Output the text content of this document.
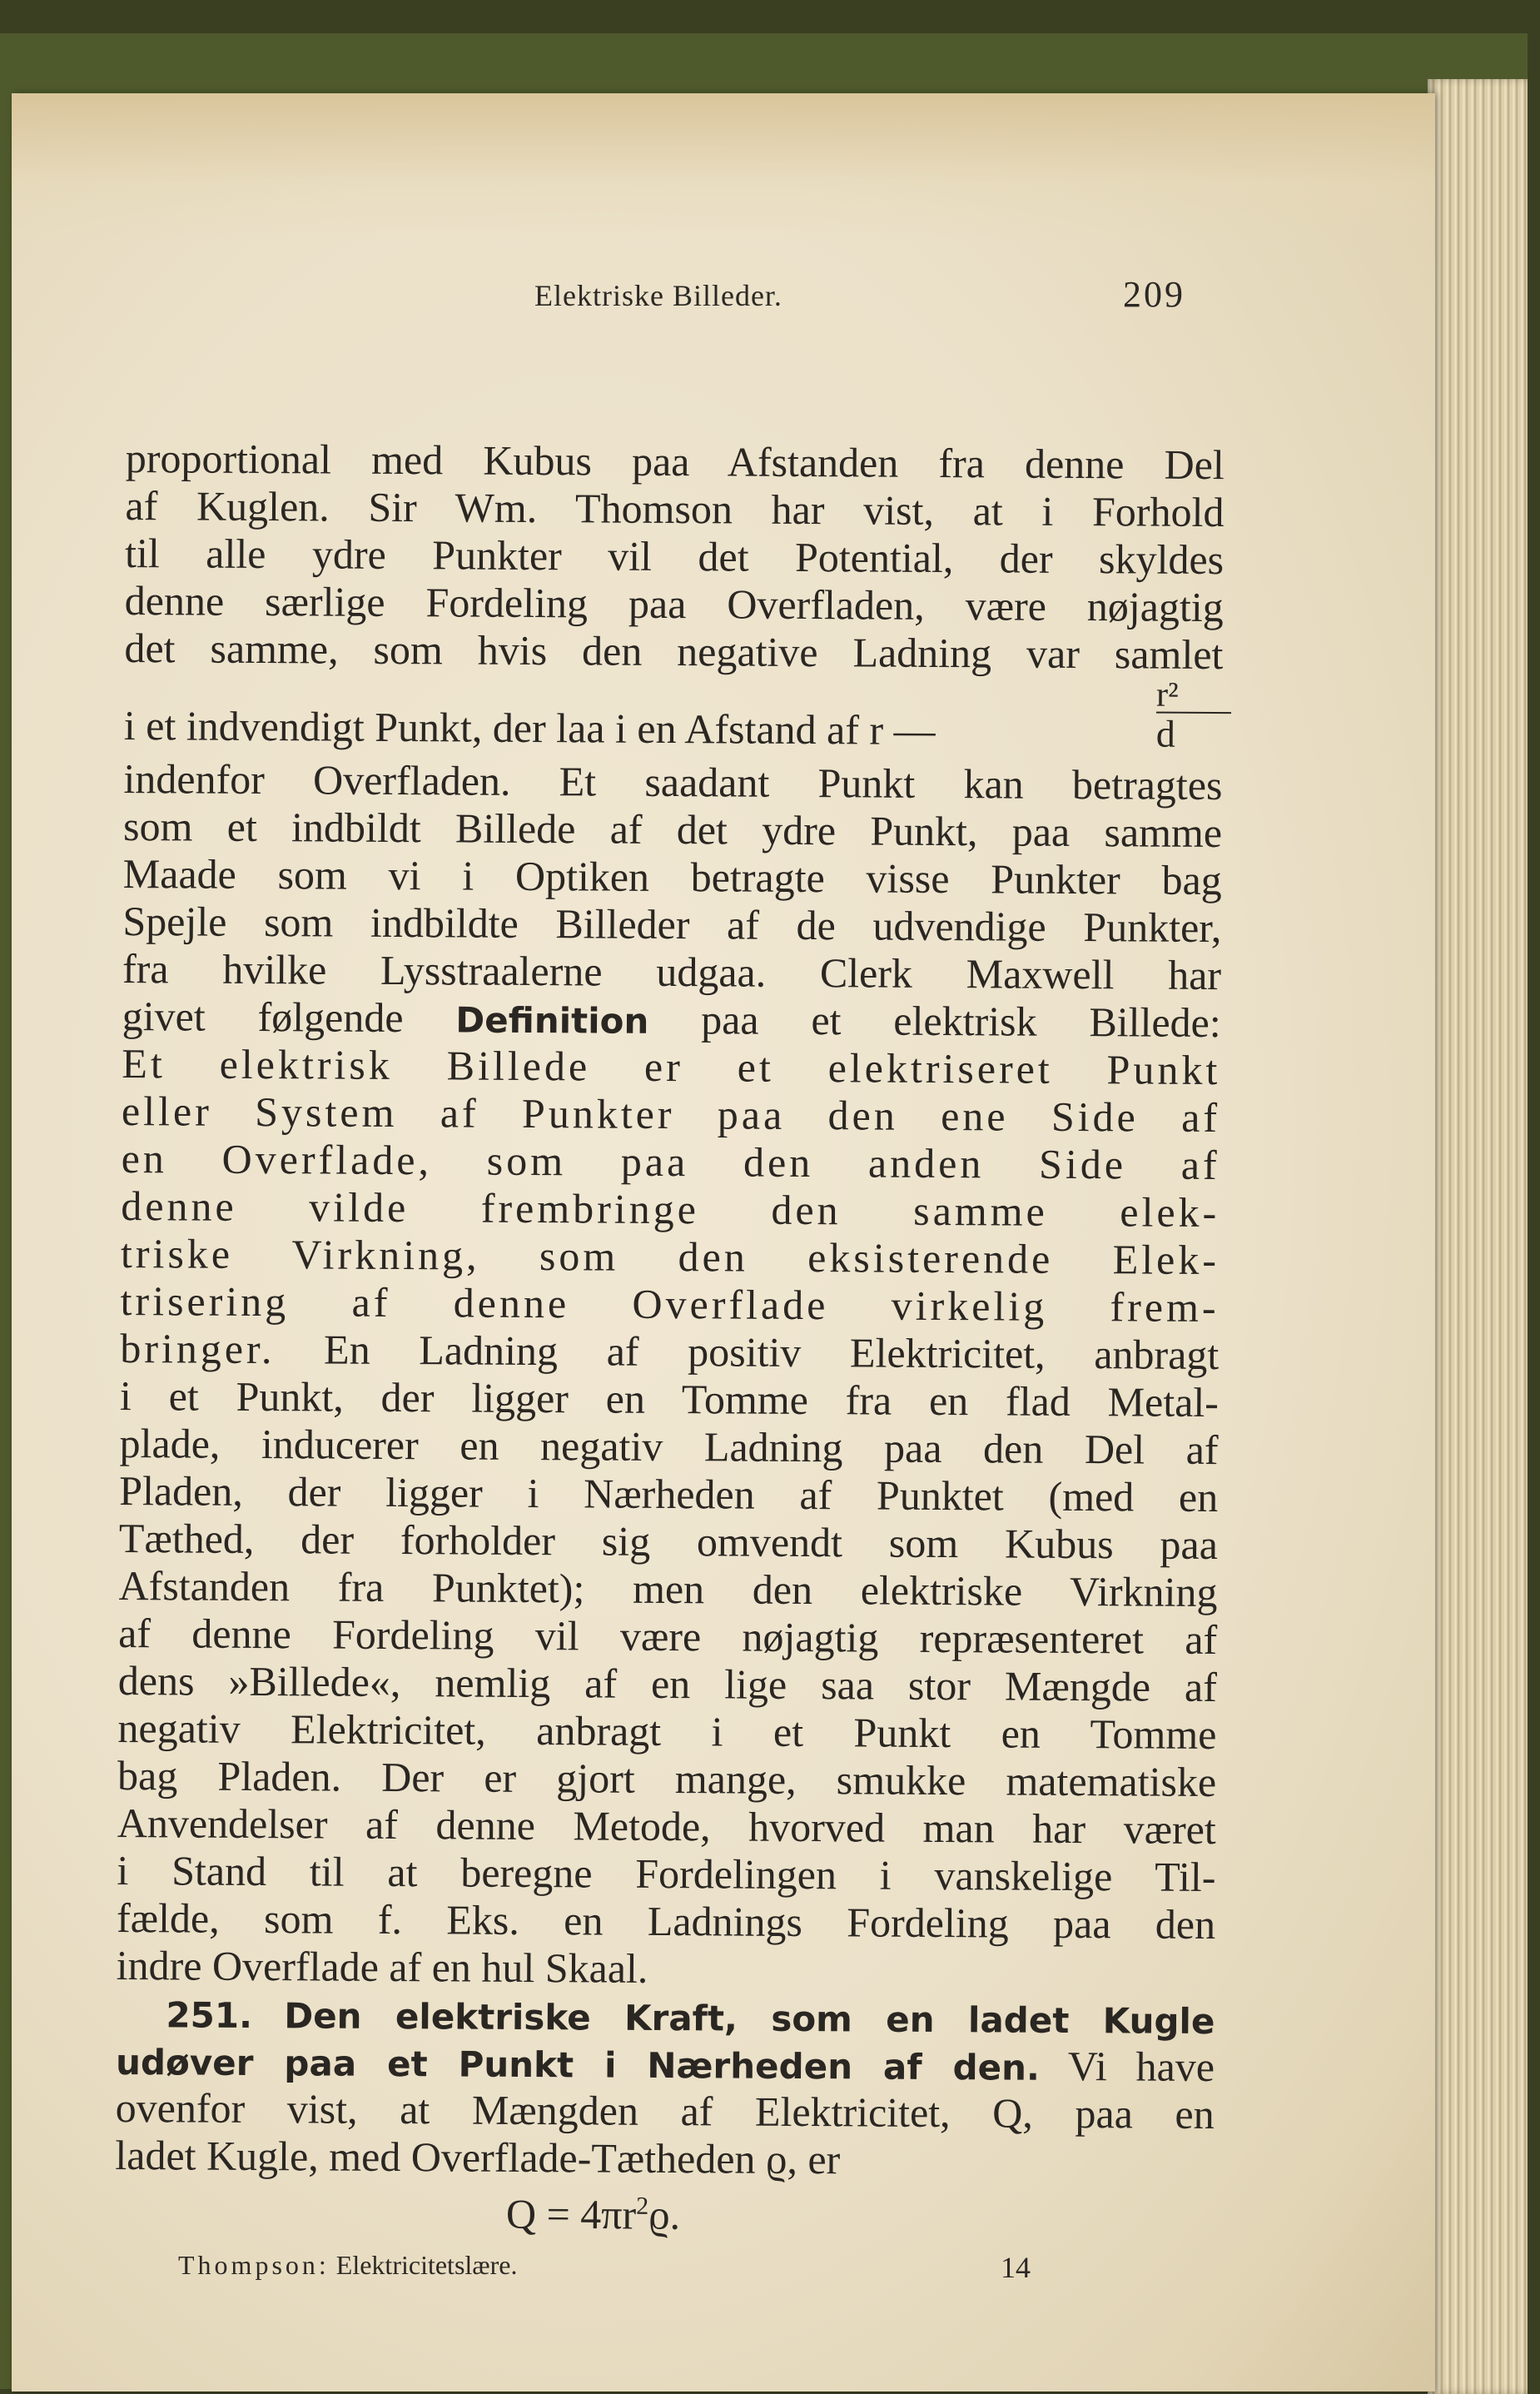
Elektriske Billeder.	209
proportional med Kubus paa Afstanden fra denne Del
af Kuglen. Sir Wm. Thomson har vist, at i Forhold
til alle ydre Punkter vil det Potential, der skyldes
denne særlige Fordeling paa Overfladen, være nøjagtig
det samme, som hvis den negative Ladning var samlet
i et indvendigt Punkt, der laa i en Afstand af r —	$\frac{\text{r²}}{d}$
indenfor Overfladen. Et saadant Punkt kan betragtes
som et indbildt Billede af det ydre Punkt, paa samme
Maade som vi i Optiken betragte visse Punkter bag
Spejle som indbildte Billeder af de udvendige Punkter,
fra hvilke Lysstraalerne udgaa. Clerk Maxwell har
givet følgende Definition paa et elektrisk Billede:
Et elektrisk Billede er et elektriseret Punkt
eller System af Punkter paa den ene Side af
en Overflade, som paa den anden Side af
denne vilde frembringe den samme elek-
triske Virkning, som den eksisterende Elek-
trisering af denne Overflade virkelig frem-
bringer. En Ladning af positiv Elektricitet, anbragt
i et Punkt, der ligger en Tomme fra en flad Metal-
plade, inducerer en negativ Ladning paa den Del af
Pladen, der ligger i Nærheden af Punktet (med en
Tæthed, der forholder sig omvendt som Kubus paa
Afstanden fra Punktet); men den elektriske Virkning
af denne Fordeling vil være nøjagtig repræsenteret af
dens »Billede«, nemlig af en lige saa stor Mængde af
negativ Elektricitet, anbragt i et Punkt en Tomme
bag Pladen. Der er gjort mange, smukke matematiske
Anvendelser af denne Metode, hvorved man har været
i Stand til at beregne Fordelingen i vanskelige Til-
fælde, som f. Eks. en Ladnings Fordeling paa den
indre Overflade af en hul Skaal.
251. Den elektriske Kraft, som en ladet Kugle
udøver paa et Punkt i Nærheden af den. Vi have
ovenfor vist, at Mængden af Elektricitet, Q, paa en
ladet Kugle, med Overflade-Tætheden ϱ, er
$Q = 4\pi r^2ϱ$.
Thompson: Elektricitetslære.	14
